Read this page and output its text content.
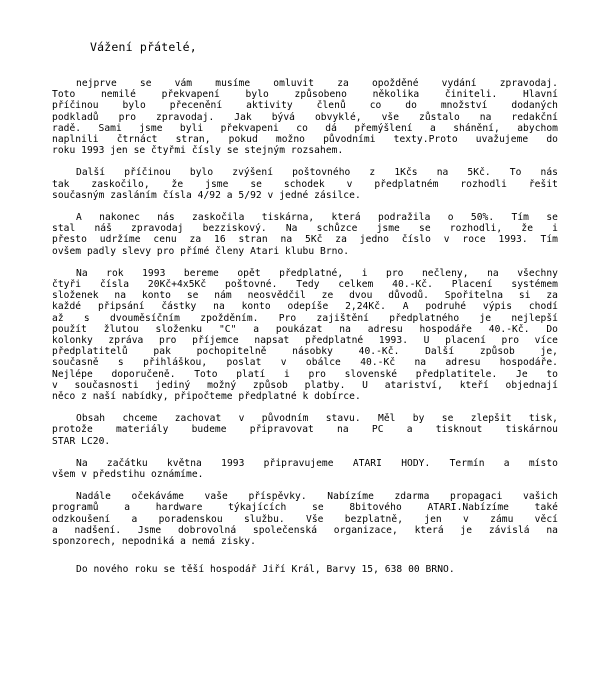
Vážení přátelé,
nejprve se vám musíme omluvit za opožděné vydání zpravodaj.
Toto nemilé překvapení bylo způsobeno několika činiteli. Hlavní
příčinou bylo přecenění aktivity členů co do množství dodaných
podkladů pro zpravodaj. Jak bývá obvyklé, vše zůstalo na redakční
radě. Sami jsme byli překvapeni co dá přemýšlení a shánění, abychom
naplnili čtrnáct stran, pokud možno původními texty.Proto uvažujeme do
roku 1993 jen se čtyřmi čísly se stejným rozsahem.
Další příčinou bylo zvýšení poštovného z 1Kčs na 5Kč. To nás
tak zaskočilo, že jsme se schodek v předplatném rozhodli řešit
současným zasláním čísla 4/92 a 5/92 v jedné zásilce.
A nakonec nás zaskočila tiskárna, která podražila o 50%. Tím se
stal náš zpravodaj bezziskový. Na schůzce jsme se rozhodli, že i
přesto udržíme cenu za 16 stran na 5Kč za jedno číslo v roce 1993. Tím
ovšem padly slevy pro přímé členy Atari klubu Brno.
Na rok 1993 bereme opět předplatné, i pro nečleny, na všechny
čtyři čísla 20Kč+4x5Kč poštovné. Tedy celkem 40.-Kč. Placení systémem
složenek na konto se nám neosvědčil ze dvou důvodů. Spořitelna si za
každé připsání částky na konto odepíše 2,24Kč. A podruhé výpis chodí
až s dvouměsíčním zpožděním. Pro zajištění předplatného je nejlepší
použít žlutou složenku "C" a poukázat na adresu hospodáře 40.-Kč. Do
kolonky zpráva pro příjemce napsat předplatné 1993. U placení pro více
předplatitelů pak pochopitelně násobky 40.-Kč. Další způsob je,
současně s přihláškou, poslat v obálce 40.-Kč na adresu hospodáře.
Nejlépe doporučeně. Toto platí i pro slovenské předplatitele. Je to
v současnosti jediný možný způsob platby. U atariství, kteří objednají
něco z naší nabídky, připočteme předplatné k dobírce.
Obsah chceme zachovat v původním stavu. Měl by se zlepšit tisk,
protože materiály budeme připravovat na PC a tisknout tiskárnou
STAR LC20.
Na začátku května 1993 připravujeme ATARI HODY. Termín a místo
všem v předstihu oznámíme.
Nadále očekáváme vaše příspěvky. Nabízíme zdarma propagaci vašich
programů a hardware týkajících se 8bitového ATARI.Nabízíme také
odzkoušení a poradenskou službu. Vše bezplatně, jen v zámu věcí
a nadšení. Jsme dobrovolná společenská organizace, která je závislá na
sponzorech, nepodniká a nemá zisky.
Do nového roku se těší hospodář Jiří Král, Barvy 15, 638 00 BRNO.
